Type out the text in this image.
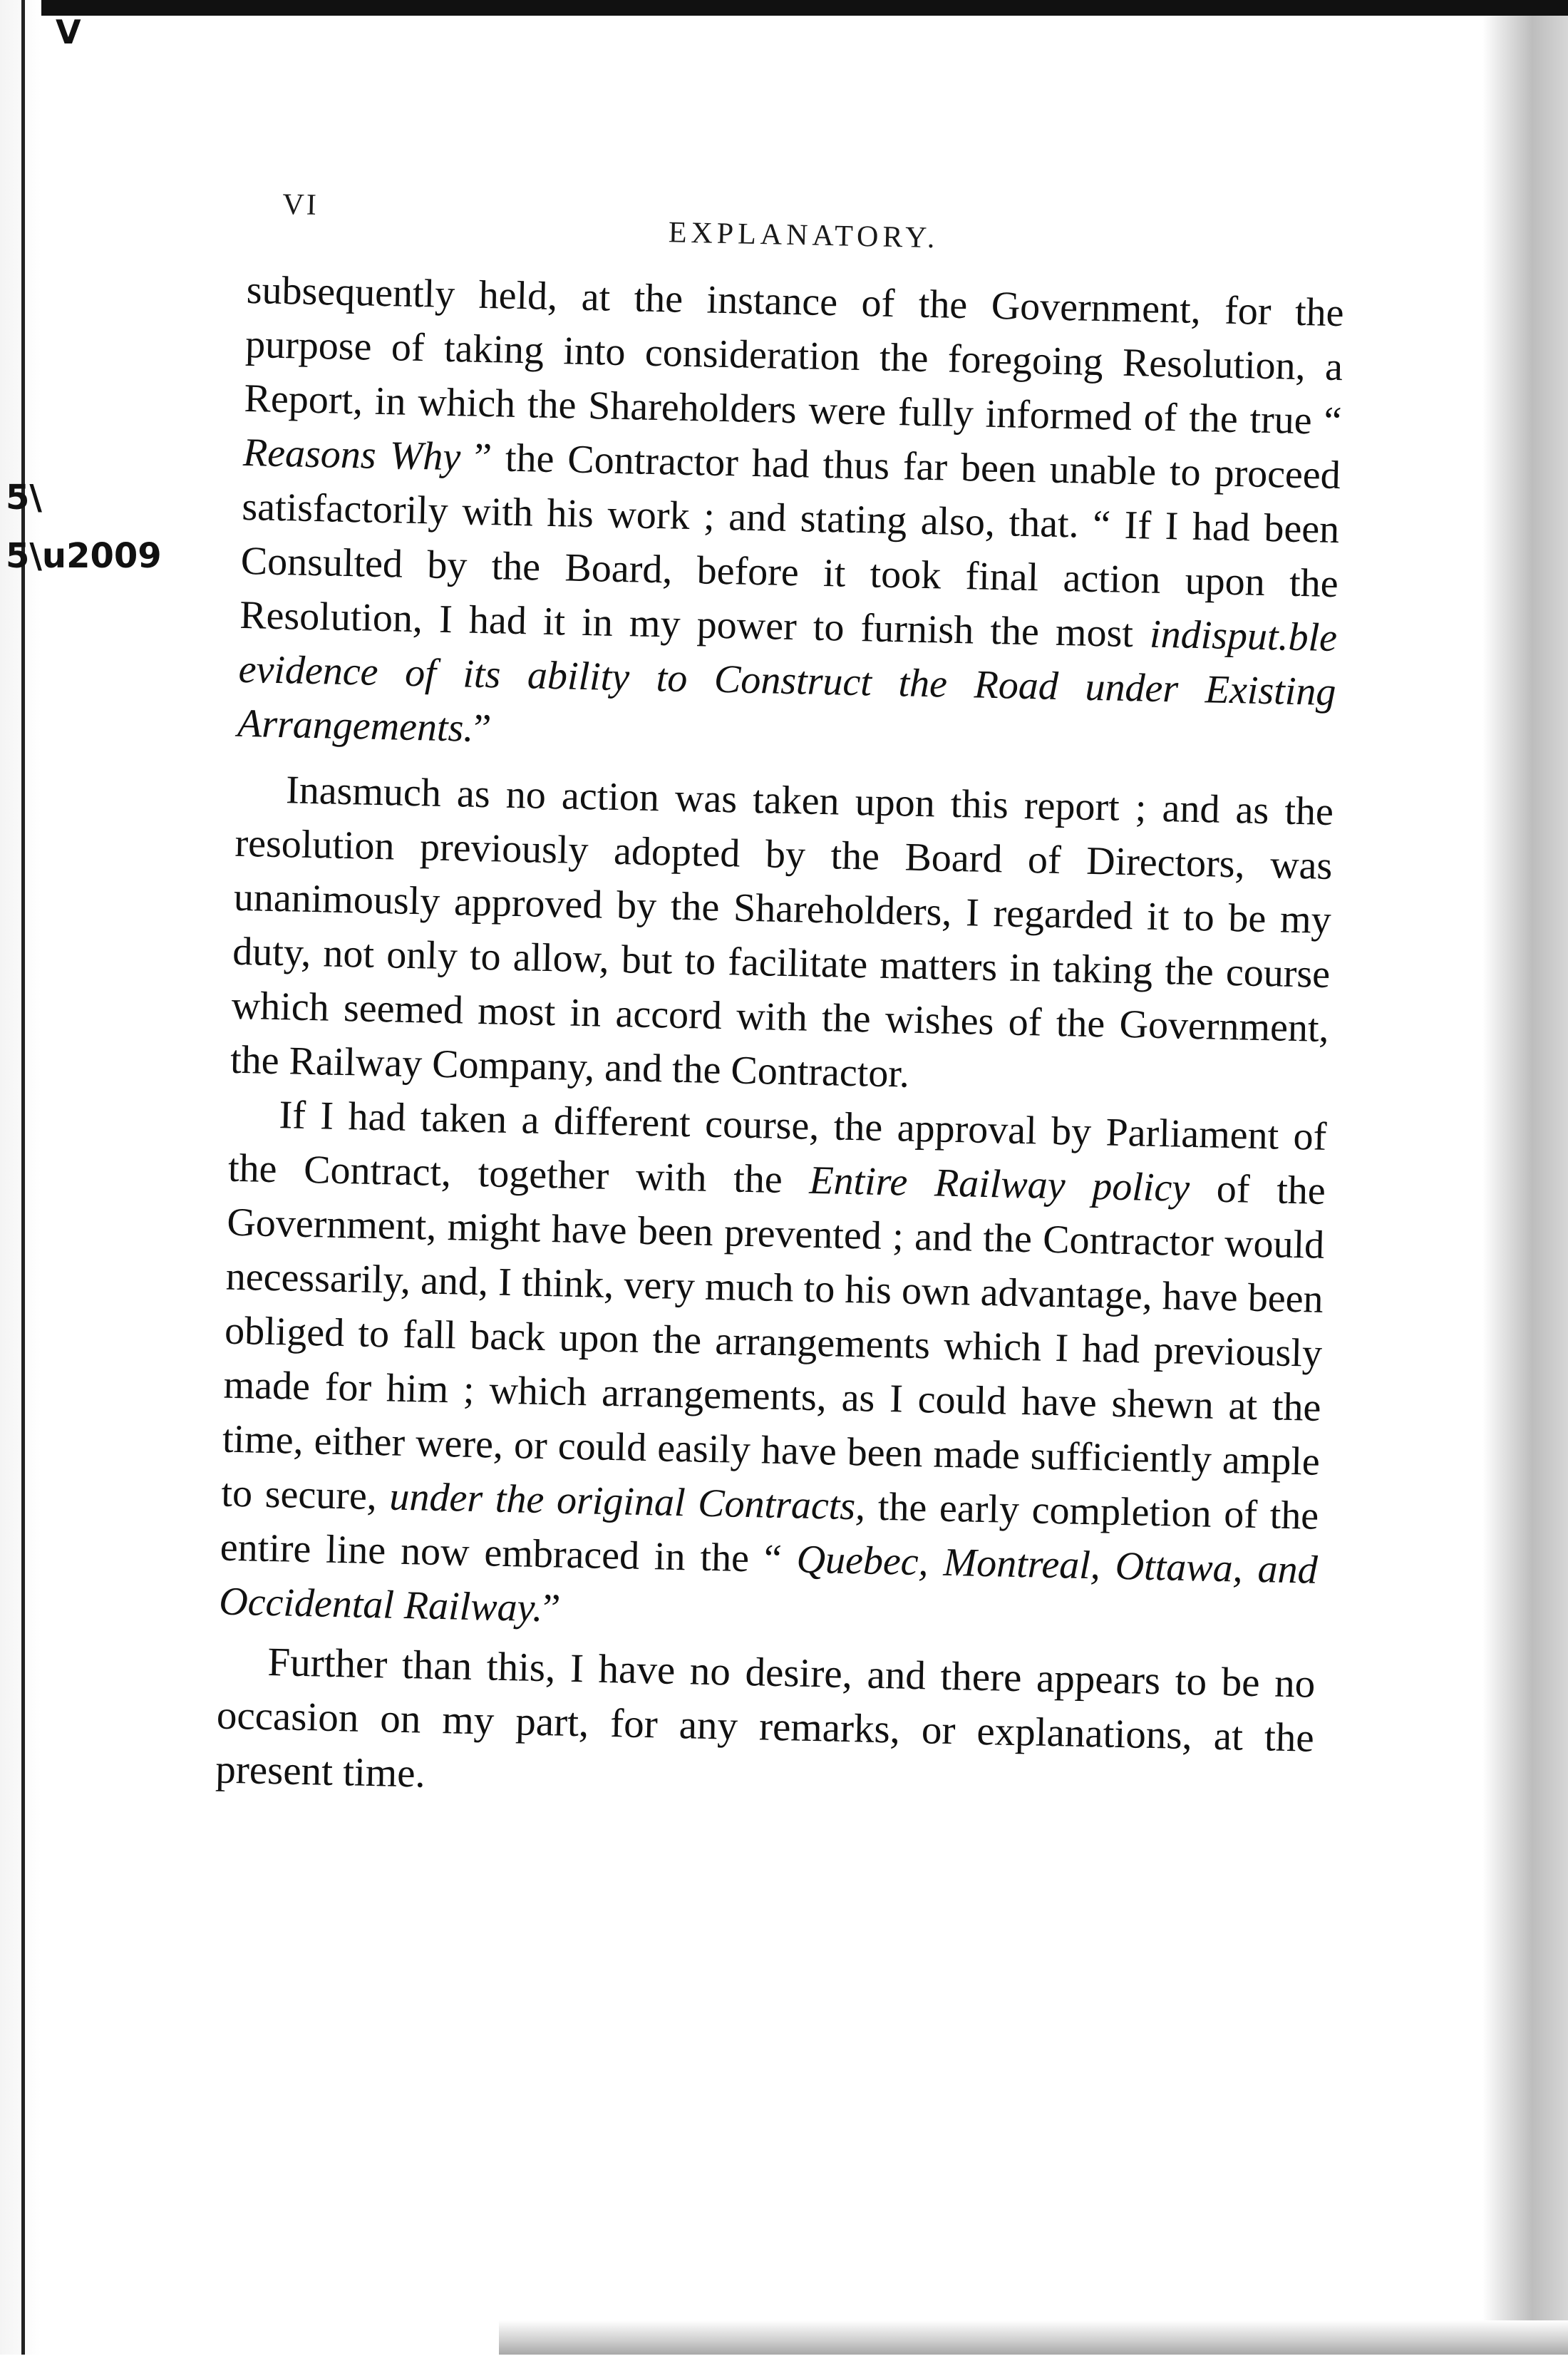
V
5\
5\u2009
VI
EXPLANATORY.

subsequently held, at the instance of the Government, for the purpose of taking into consideration the foregoing Resolution, a Report, in which the Shareholders were fully informed of the true “ Reasons Why ” the Contractor had thus far been unable to proceed satisfactorily with his work ; and stating also, that. “ If I had been Consulted by the Board, before it took final action upon the Resolution, I had it in my power to furnish the most indisput.ble evidence of its ability to Construct the Road under Existing Arrangements.”

Inasmuch as no action was taken upon this report ; and as the resolution previously adopted by the Board of Directors, was unanimously approved by the Shareholders, I regarded it to be my duty, not only to allow, but to facilitate matters in taking the course which seemed most in accord with the wishes of the Government, the Railway Company, and the Contractor.

If I had taken a different course, the approval by Parliament of the Contract, together with the Entire Railway policy of the Government, might have been prevented ; and the Contractor would necessarily, and, I think, very much to his own advantage, have been obliged to fall back upon the arrangements which I had previously made for him ; which arrangements, as I could have shewn at the time, either were, or could easily have been made sufficiently ample to secure, under the original Contracts, the early completion of the entire line now embraced in the “ Quebec, Montreal, Ottawa, and Occidental Railway.”

Further than this, I have no desire, and there appears to be no occasion on my part, for any remarks, or explanations, at the present time.
